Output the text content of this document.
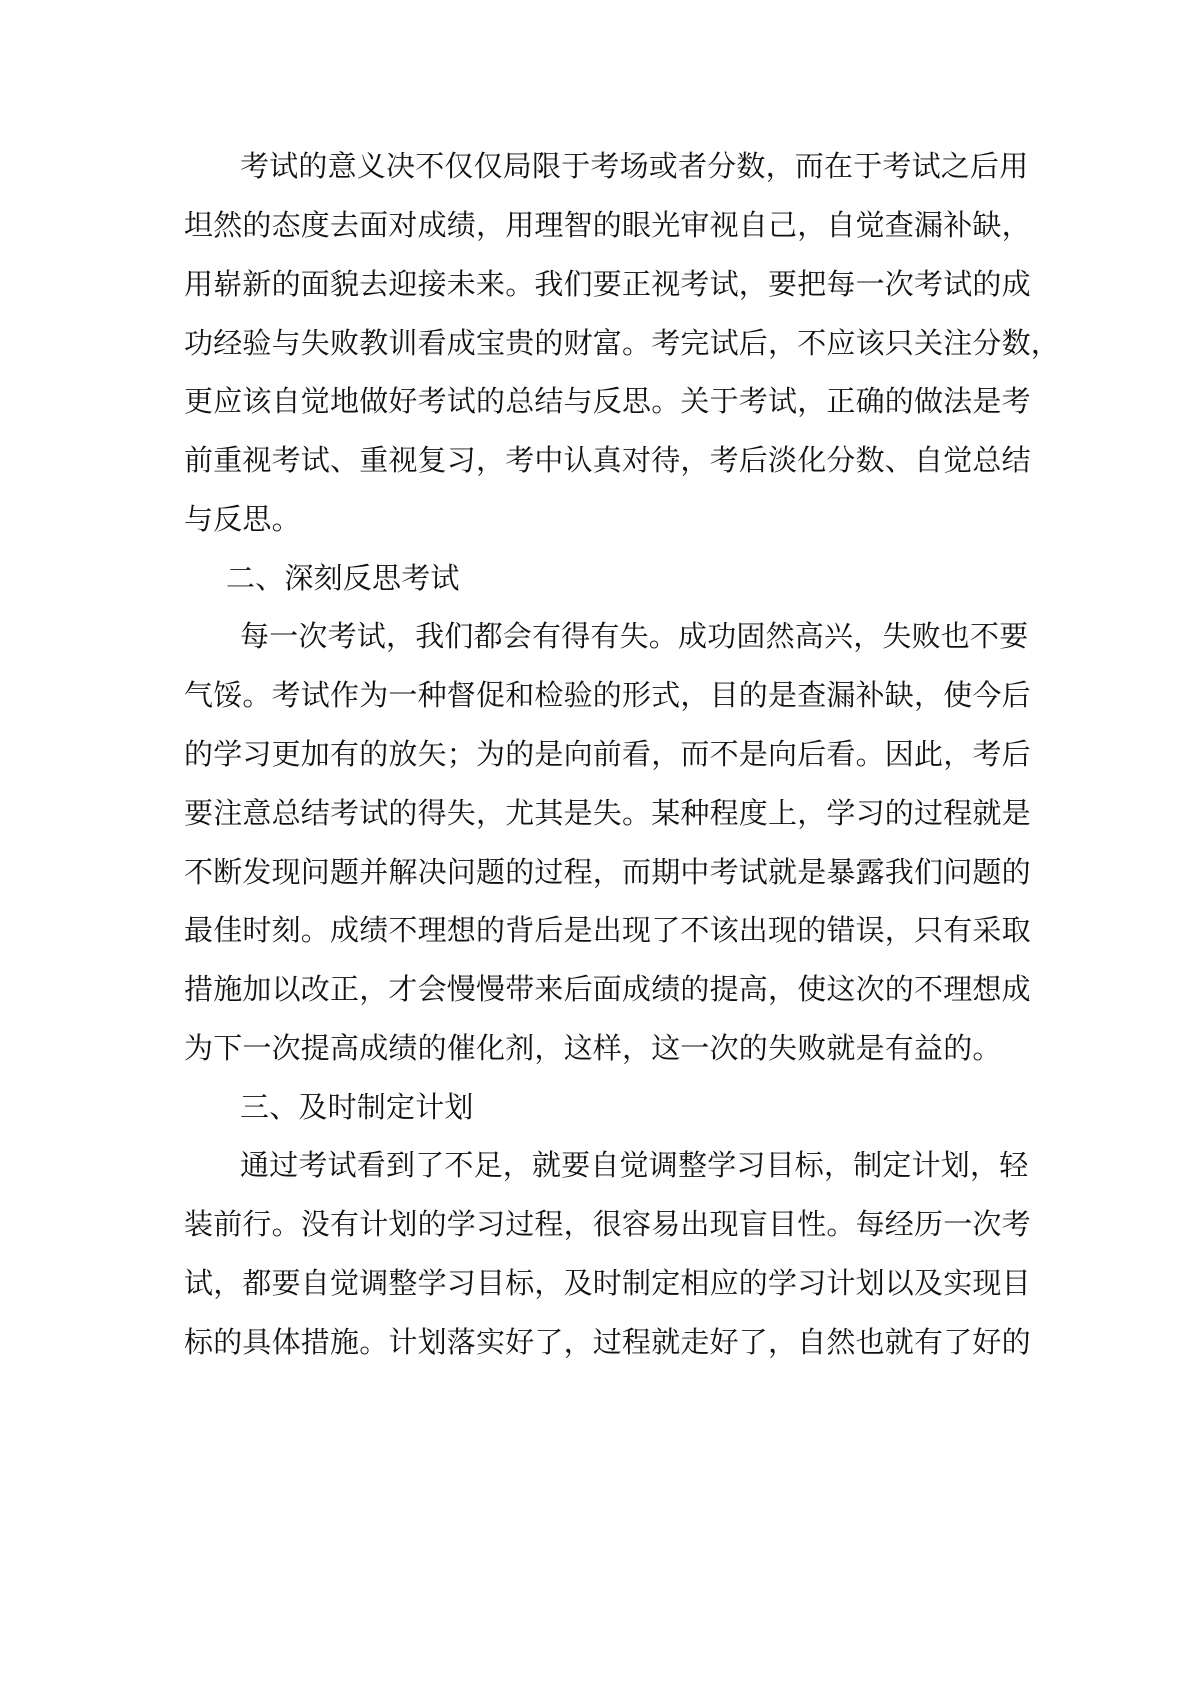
考试的意义决不仅仅局限于考场或者分数，而在于考试之后用
坦然的态度去面对成绩，用理智的眼光审视自己，自觉查漏补缺，
用崭新的面貌去迎接未来。我们要正视考试，要把每一次考试的成
功经验与失败教训看成宝贵的财富。考完试后，不应该只关注分数，
更应该自觉地做好考试的总结与反思。关于考试，正确的做法是考
前重视考试、重视复习，考中认真对待，考后淡化分数、自觉总结
与反思。
二、深刻反思考试
每一次考试，我们都会有得有失。成功固然高兴，失败也不要
气馁。考试作为一种督促和检验的形式，目的是查漏补缺，使今后
的学习更加有的放矢；为的是向前看，而不是向后看。因此，考后
要注意总结考试的得失，尤其是失。某种程度上，学习的过程就是
不断发现问题并解决问题的过程，而期中考试就是暴露我们问题的
最佳时刻。成绩不理想的背后是出现了不该出现的错误，只有采取
措施加以改正，才会慢慢带来后面成绩的提高，使这次的不理想成
为下一次提高成绩的催化剂，这样，这一次的失败就是有益的。
三、及时制定计划
通过考试看到了不足，就要自觉调整学习目标，制定计划，轻
装前行。没有计划的学习过程，很容易出现盲目性。每经历一次考
试，都要自觉调整学习目标，及时制定相应的学习计划以及实现目
标的具体措施。计划落实好了，过程就走好了，自然也就有了好的
